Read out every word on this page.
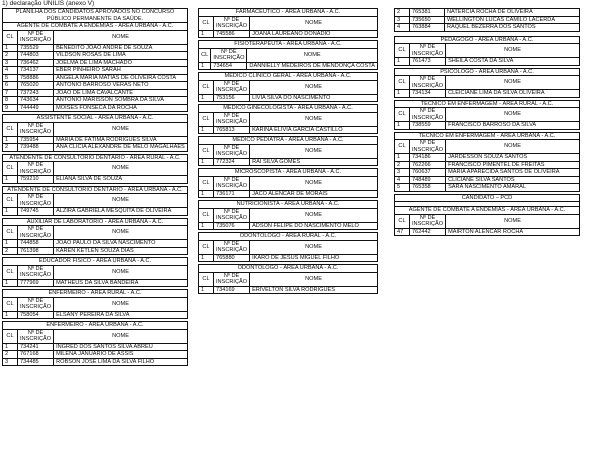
1) declaração UNILIS (anexo V)
PLANILHA DOS CANDIDATOS APROVADOS NO CONCURSO PÚBLICO PERMANENTE DA SAÚDE.		
AGENTE DE COMBATE A ENDEMIAS - ÁREA URBANA - A.C.		
CL	Nº DE INSCRIÇÃO	NOME
1	735529	BENEDITO JOÃO ANDRÉ DE SOUZA
2	744803	VILDSON ROSAS DE LIMA
3	736462	JOELMA DE LIMA MACHADO
4	734137	EBER PINHEIRO SARAH
5	758886	ANGELA MARIA MATIAS DE OLIVEIRA COSTA
6	765020	ANTONIO BARROSO VERAS NETO
7	737243	JOAO DE LIMA CAVALCANTE
8	743634	ANTONIO MARISSON SOMBRA DA SILVA
9	744449	MOISES FONSECA DA ROCHA
ASSISTENTE SOCIAL - ÁREA URBANA - A.C.		
CL	Nº DE INSCRIÇÃO	NOME
1	735954	MARIA DE FÁTIMA RODRIGUES SILVA
2	739488	ANA CLÍCIA ALEXANDRE DE MELO MAGALHÃES
ATENDENTE DE CONSULTÓRIO DENTÁRIO - ÁREA RURAL - A.C.		
CL	Nº DE INSCRIÇÃO	NOME
1	759210	ELIANA SILVA DE SOUZA
ATENDENTE DE CONSULTÓRIO DENTÁRIO - ÁREA URBANA - A.C.		
CL	Nº DE INSCRIÇÃO	NOME
1	749745	ALZIRA GABRIELA MESQUITA DE OLIVEIRA
AUXILIAR DE LABORATÓRIO - ÁREA URBANA - A.C.		
CL	Nº DE INSCRIÇÃO	NOME
1	744858	JOAO PAULO DA SILVA NASCIMENTO
2	761398	KAREN KETLEN SOUZA DIAS
EDUCADOR FÍSICO - ÁREA URBANA - A.C.		
CL	Nº DE INSCRIÇÃO	NOME
1	777969	MATHEUS DA SILVA BANDEIRA
ENFERMEIRO - ÁREA RURAL - A.C.		
CL	Nº DE INSCRIÇÃO	NOME
1	758054	ELSANY PEREIRA DA SILVA
ENFERMEIRO - ÁREA URBANA - A.C.		
CL	Nº DE INSCRIÇÃO	NOME
1	734241	INGRED DOS SANTOS SILVA ABREU
2	767168	MILENA JANUÁRIO DE ASSIS
3	734485	ROBSON JOSE LIMA DA SILVA FILHO
FARMACÊUTICO - ÁREA URBANA - A.C.		
CL	Nº DE INSCRIÇÃO	NOME
1	745586	JOANA LAUREANO DONADIO
FISIOTERAPEUTA - ÁREA URBANA - A.C.		
CL	Nº DE INSCRIÇÃO	NOME
1	734654	DANNIELLY MEDEIROS DE MENDONÇA COSTA
MÉDICO CLÍNICO GERAL - ÁREA URBANA - A.C.		
CL	Nº DE INSCRIÇÃO	NOME
1	753156	LÍVIA SILVA DO NASCIMENTO
MÉDICO GINECOLOGISTA - ÁREA URBANA - A.C.		
CL	Nº DE INSCRIÇÃO	NOME
1	765813	KARINA ELIVIA GARCIA CASTILLO
MÉDICO PEDIATRA - ÁREA URBANA - A.C.		
CL	Nº DE INSCRIÇÃO	NOME
1	772324	RAÍ SILVA GOMES
MICROSCOPISTA - ÁREA URBANA - A.C.		
CL	Nº DE INSCRIÇÃO	NOME
1	736171	JACÓ ALENCAR DE MORAIS
NUTRICIONISTA - ÁREA URBANA - A.C.		
CL	Nº DE INSCRIÇÃO	NOME
1	735076	ADSON FELIPE DO NASCIMENTO MELO
ODONTÓLOGO - ÁREA RURAL - A.C.		
CL	Nº DE INSCRIÇÃO	NOME
1	765880	ÍKARO DE JESUS MIGUEL FILHO
ODONTÓLOGO - ÁREA URBANA - A.C.		
CL	Nº DE INSCRIÇÃO	NOME
1	734169	ERIVELTON SILVA RODRIGUES
2	765381	NATÉRCIA ROCHA DE OLIVEIRA
3	735650	WELLINGTON LUCAS CAMILO LACERDA
4	763884	RAQUEL BEZERRA DOS SANTOS
PEDAGOGO - ÁREA URBANA - A.C.		
CL	Nº DE INSCRIÇÃO	NOME
1	761473	SHEILA COSTA DA SILVA
PSICÓLOGO - ÁREA URBANA - A.C.		
CL	Nº DE INSCRIÇÃO	NOME
1	734134	CLEICIANE LIMA DA SILVA OLIVEIRA
TÉCNICO EM ENFERMAGEM - ÁREA RURAL - A.C.		
CL	Nº DE INSCRIÇÃO	NOME
1	738559	FRANCISCO BARROSO DA SILVA
TÉCNICO EM ENFERMAGEM - ÁREA URBANA - A.C.		
CL	Nº DE INSCRIÇÃO	NOME
1	734186	JARDESSON SOUZA SANTOS
2	762266	FRANCISCO PIMENTEL DE FREITAS
3	760637	MARIA APARECIDA SANTOS DE OLIVEIRA
4	748489	CLICIANE SILVA SANTOS
5	765358	SARA NASCIMENTO AMARAL
CANDIDATO – PCD		

AGENTE DE COMBATE A ENDEMIAS - ÁREA URBANA - A.C.		
CL	Nº DE INSCRIÇÃO	NOME
47	762442	MAIRTON ALENCAR ROCHA
